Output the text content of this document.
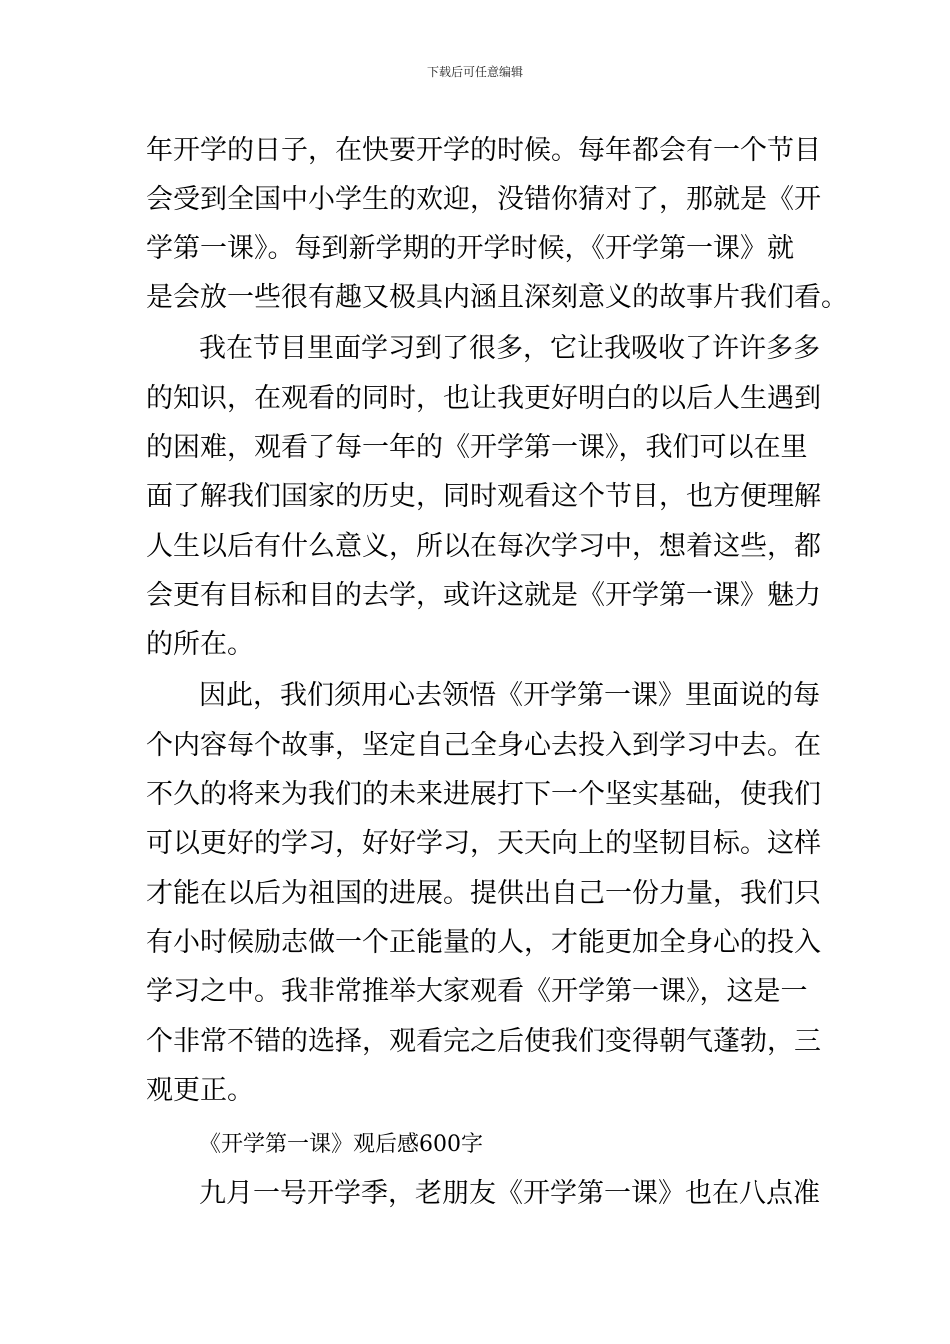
下载后可任意编辑
年开学的日子，在快要开学的时候。每年都会有一个节目
会受到全国中小学生的欢迎，没错你猜对了，那就是《开
学第一课》。每到新学期的开学时候，《开学第一课》就
是会放一些很有趣又极具内涵且深刻意义的故事片我们看。
我在节目里面学习到了很多，它让我吸收了许许多多
的知识，在观看的同时，也让我更好明白的以后人生遇到
的困难，观看了每一年的《开学第一课》，我们可以在里
面了解我们国家的历史，同时观看这个节目，也方便理解
人生以后有什么意义，所以在每次学习中，想着这些，都
会更有目标和目的去学，或许这就是《开学第一课》魅力
的所在。
因此，我们须用心去领悟《开学第一课》里面说的每
个内容每个故事，坚定自己全身心去投入到学习中去。在
不久的将来为我们的未来进展打下一个坚实基础，使我们
可以更好的学习，好好学习，天天向上的坚韧目标。这样
才能在以后为祖国的进展。提供出自己一份力量，我们只
有小时候励志做一个正能量的人，才能更加全身心的投入
学习之中。我非常推举大家观看《开学第一课》，这是一
个非常不错的选择，观看完之后使我们变得朝气蓬勃，三
观更正。
《开学第一课》观后感600字
九月一号开学季，老朋友《开学第一课》也在八点准
